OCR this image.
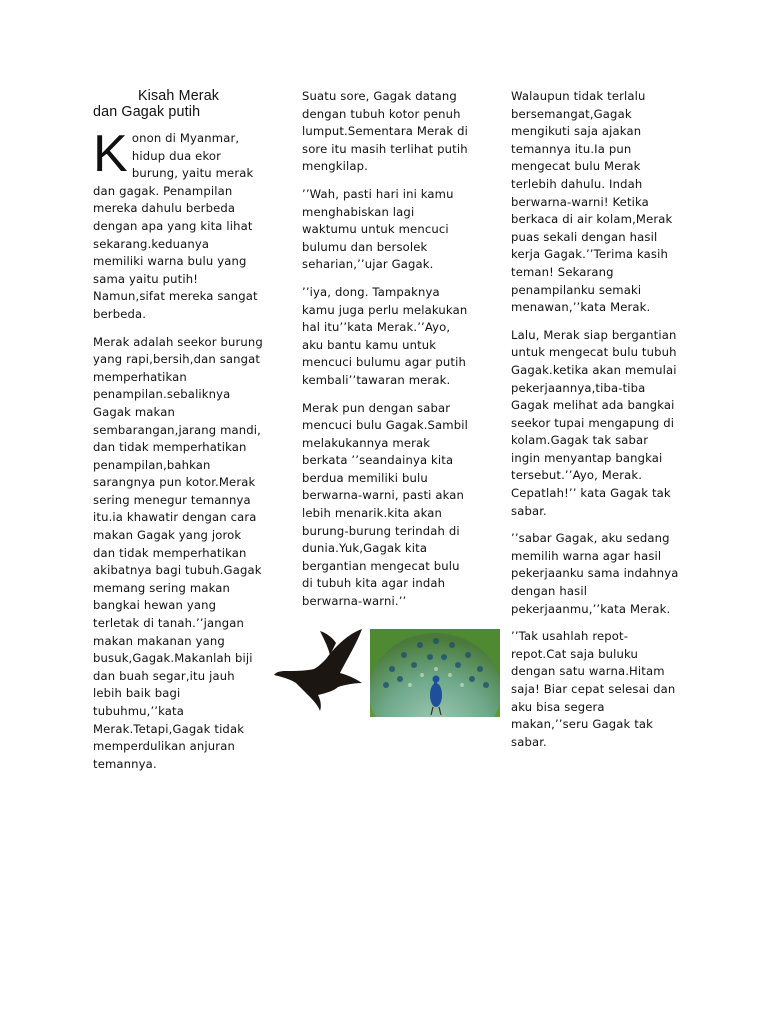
Kisah Merak
dan Gagak putih

Konon di Myanmar, hidup dua ekor burung, yaitu merak dan gagak. Penampilan mereka dahulu berbeda dengan apa yang kita lihat sekarang.keduanya memiliki warna bulu yang sama yaitu putih! Namun,sifat mereka sangat berbeda.

Merak adalah seekor burung yang rapi,bersih,dan sangat memperhatikan penampilan.sebaliknya Gagak makan sembarangan,jarang mandi, dan tidak memperhatikan penampilan,bahkan sarangnya pun kotor.Merak sering menegur temannya itu.ia khawatir dengan cara makan Gagak yang jorok dan tidak memperhatikan akibatnya bagi tubuh.Gagak memang sering makan bangkai hewan yang terletak di tanah.’’jangan makan makanan yang busuk,Gagak.Makanlah biji dan buah segar,itu jauh lebih baik bagi tubuhmu,’’kata Merak.Tetapi,Gagak tidak memperdulikan anjuran temannya.

Suatu sore, Gagak datang dengan tubuh kotor penuh lumput.Sementara Merak di sore itu masih terlihat putih mengkilap.

’’Wah, pasti hari ini kamu menghabiskan lagi waktumu untuk mencuci bulumu dan bersolek seharian,’’ujar Gagak.

’’iya, dong. Tampaknya kamu juga perlu melakukan hal itu’’kata Merak.’’Ayo, aku bantu kamu untuk mencuci bulumu agar putih kembali’’tawaran merak.

Merak pun dengan sabar mencuci bulu Gagak.Sambil melakukannya merak berkata ’’seandainya kita berdua memiliki bulu berwarna-warni, pasti akan lebih menarik.kita akan burung-burung terindah di dunia.Yuk,Gagak kita bergantian mengecat bulu di tubuh kita agar indah berwarna-warni.’’

Walaupun tidak terlalu bersemangat,Gagak mengikuti saja ajakan temannya itu.Ia pun mengecat bulu Merak terlebih dahulu. Indah berwarna-warni! Ketika berkaca di air kolam,Merak puas sekali dengan hasil kerja Gagak.’’Terima kasih teman! Sekarang penampilanku semaki menawan,’’kata Merak.

Lalu, Merak siap bergantian untuk mengecat bulu tubuh Gagak.ketika akan memulai pekerjaannya,tiba-tiba Gagak melihat ada bangkai seekor tupai mengapung di kolam.Gagak tak sabar ingin menyantap bangkai tersebut.’’Ayo, Merak. Cepatlah!’’ kata Gagak tak sabar.

’’sabar Gagak, aku sedang memilih warna agar hasil pekerjaanku sama indahnya dengan hasil pekerjaanmu,’’kata Merak.

’’Tak usahlah repot-repot.Cat saja buluku dengan satu warna.Hitam saja! Biar cepat selesai dan aku bisa segera makan,’’seru Gagak tak sabar.
